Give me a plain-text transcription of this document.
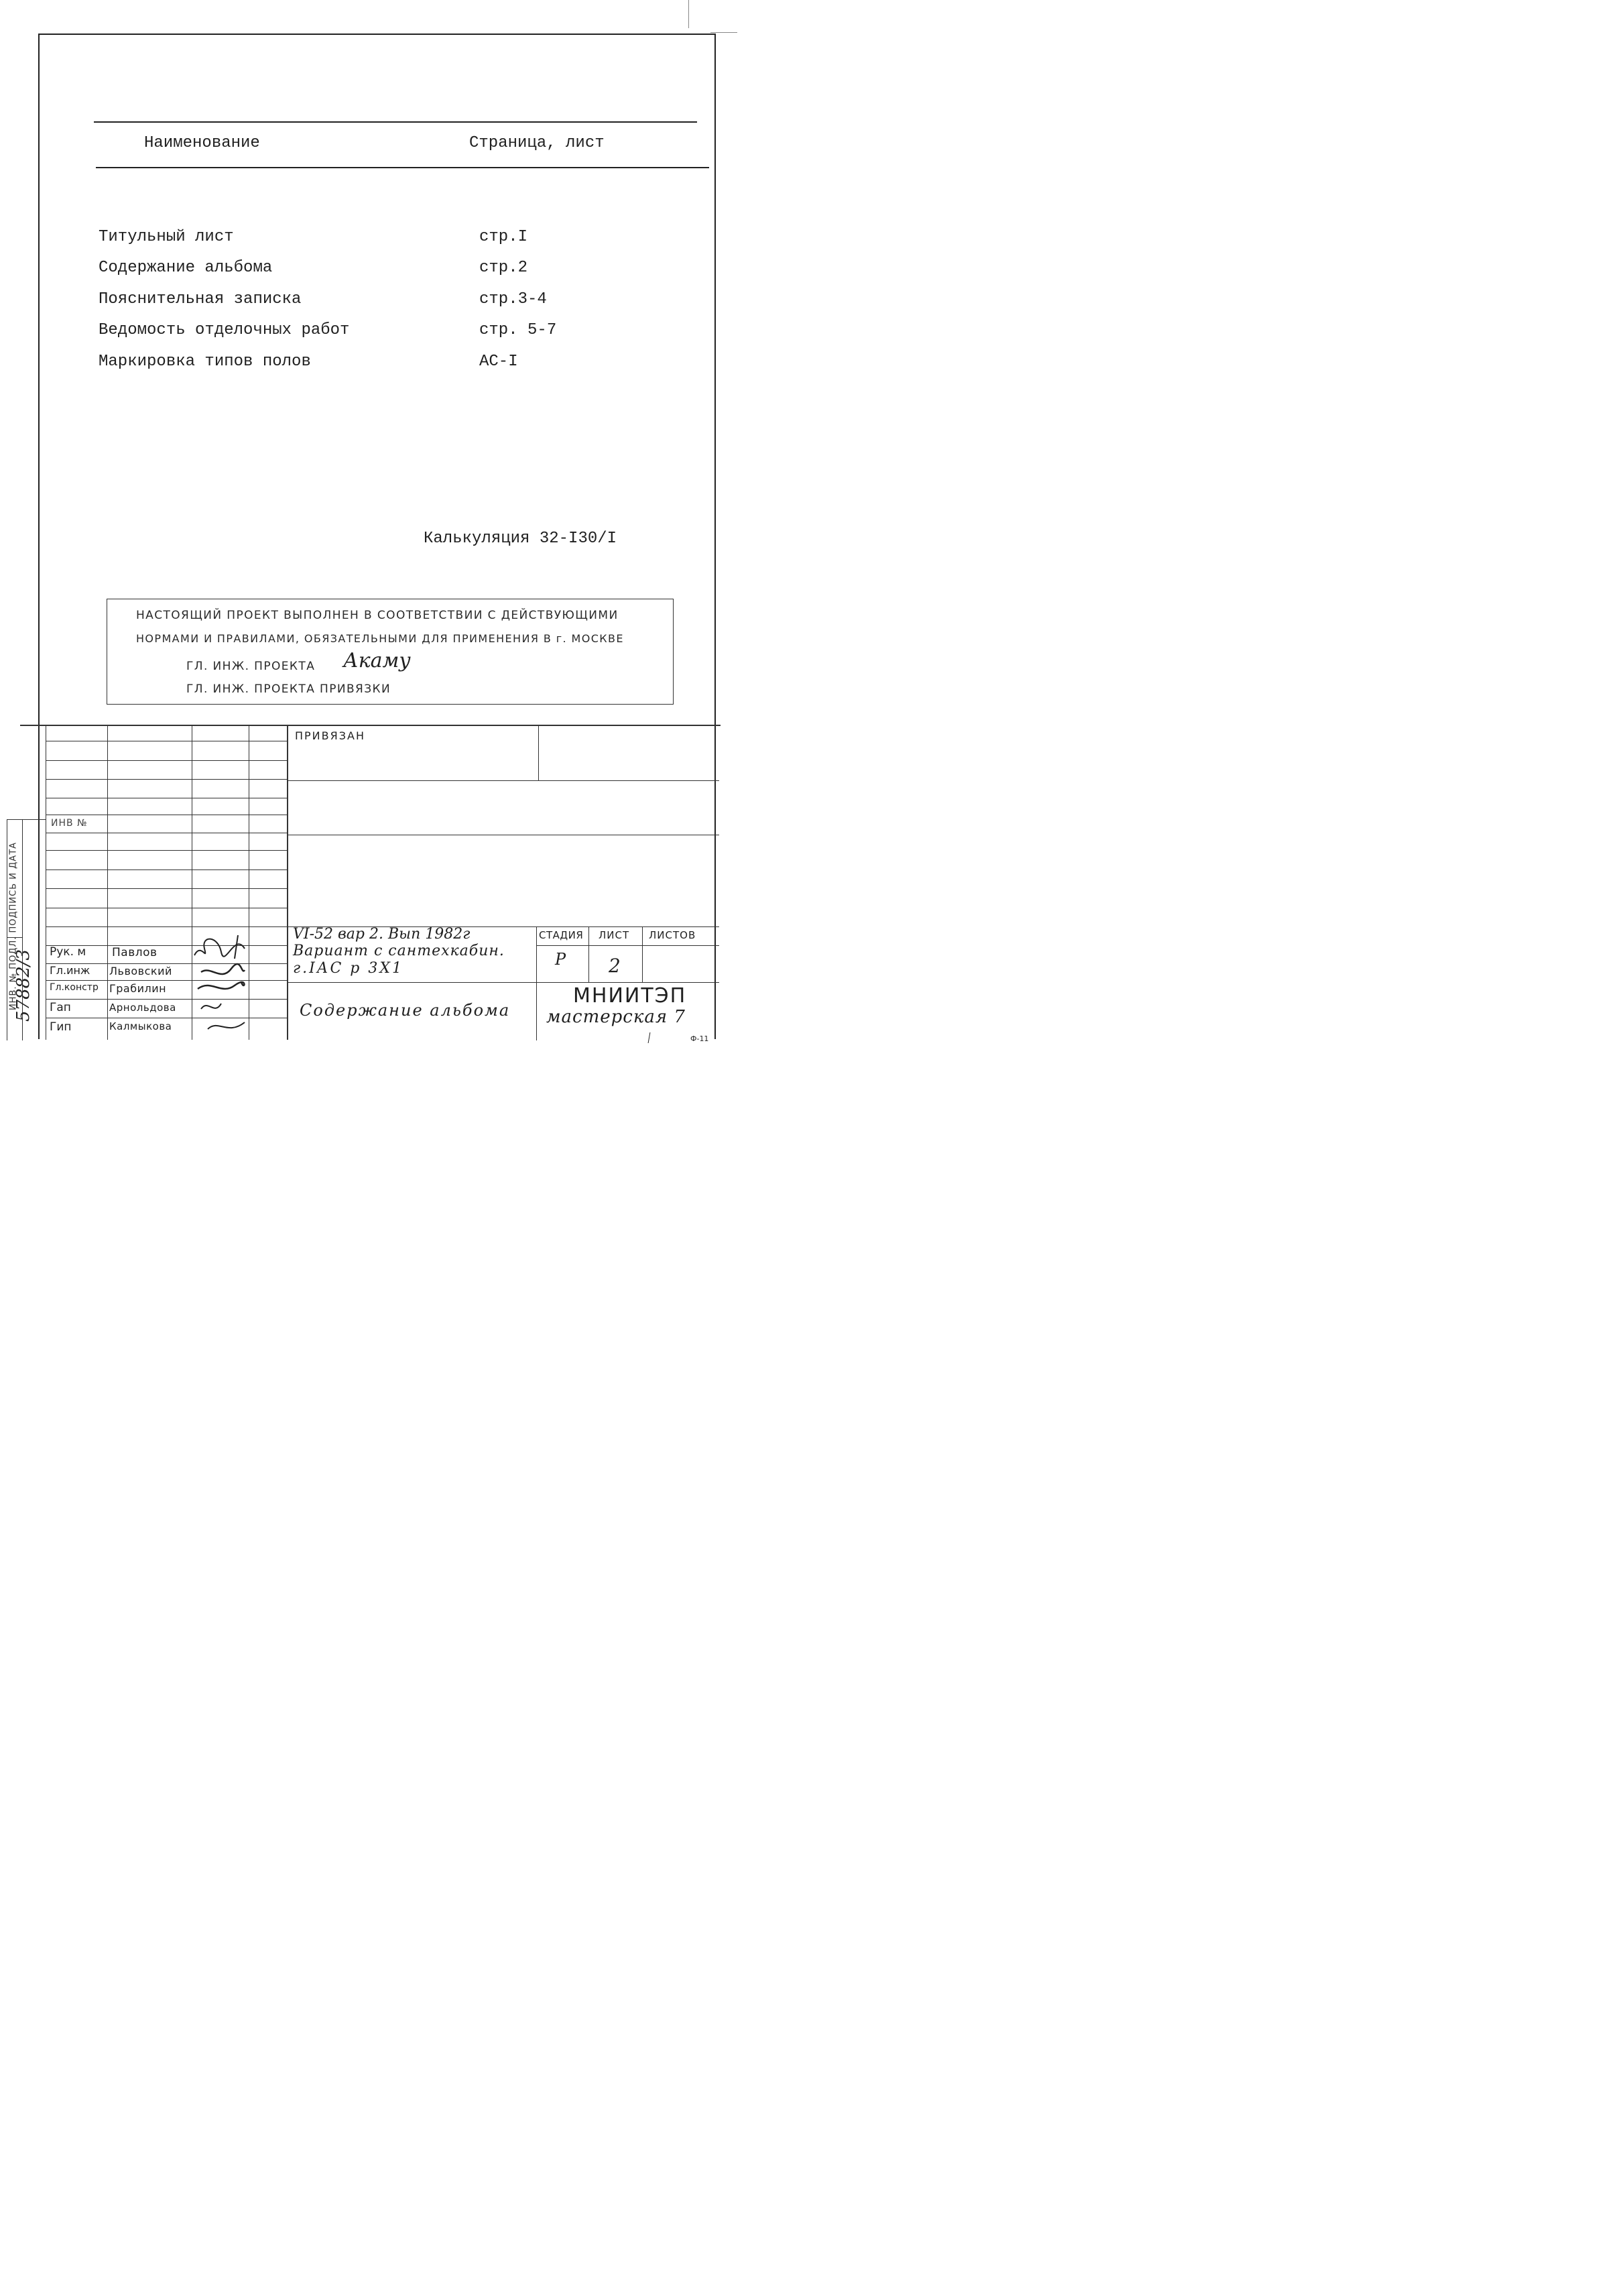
Наименование	Страница, лист
Титульный лист	стр.I
Содержание альбома	стр.2
Пояснительная записка	стр.3-4
Ведомость отделочных работ	стр. 5-7
Маркировка типов полов	АС-I
Калькуляция 32-I30/I
НАСТОЯЩИЙ ПРОЕКТ ВЫПОЛНЕН В СООТВЕТСТВИИ С ДЕЙСТВУЮЩИМИ
НОРМАМИ И ПРАВИЛАМИ, ОБЯЗАТЕЛЬНЫМИ ДЛЯ ПРИМЕНЕНИЯ В г. МОСКВЕ
ГЛ. ИНЖ. ПРОЕКТА Акаму
ГЛ. ИНЖ. ПРОЕКТА ПРИВЯЗКИ
ИНВ. № ПОДЛ. ПОДПИСЬ И ДАТА
57882/3
ПРИВЯЗАН
ИНВ №
VI-52 вар 2. Вып 1982г
Вариант с сантехкабин.
г.IАС р 3Х1
Содержание альбома
СТАДИЯ ЛИСТ ЛИСТОВ
Р 2
МНИИТЭП
мастерская 7
Ф-11
Рук. м Павлов
Гл.инж Львовский
Гл.констр Грабилин
Гап	Арнольдова
Гип	Калмыкова
